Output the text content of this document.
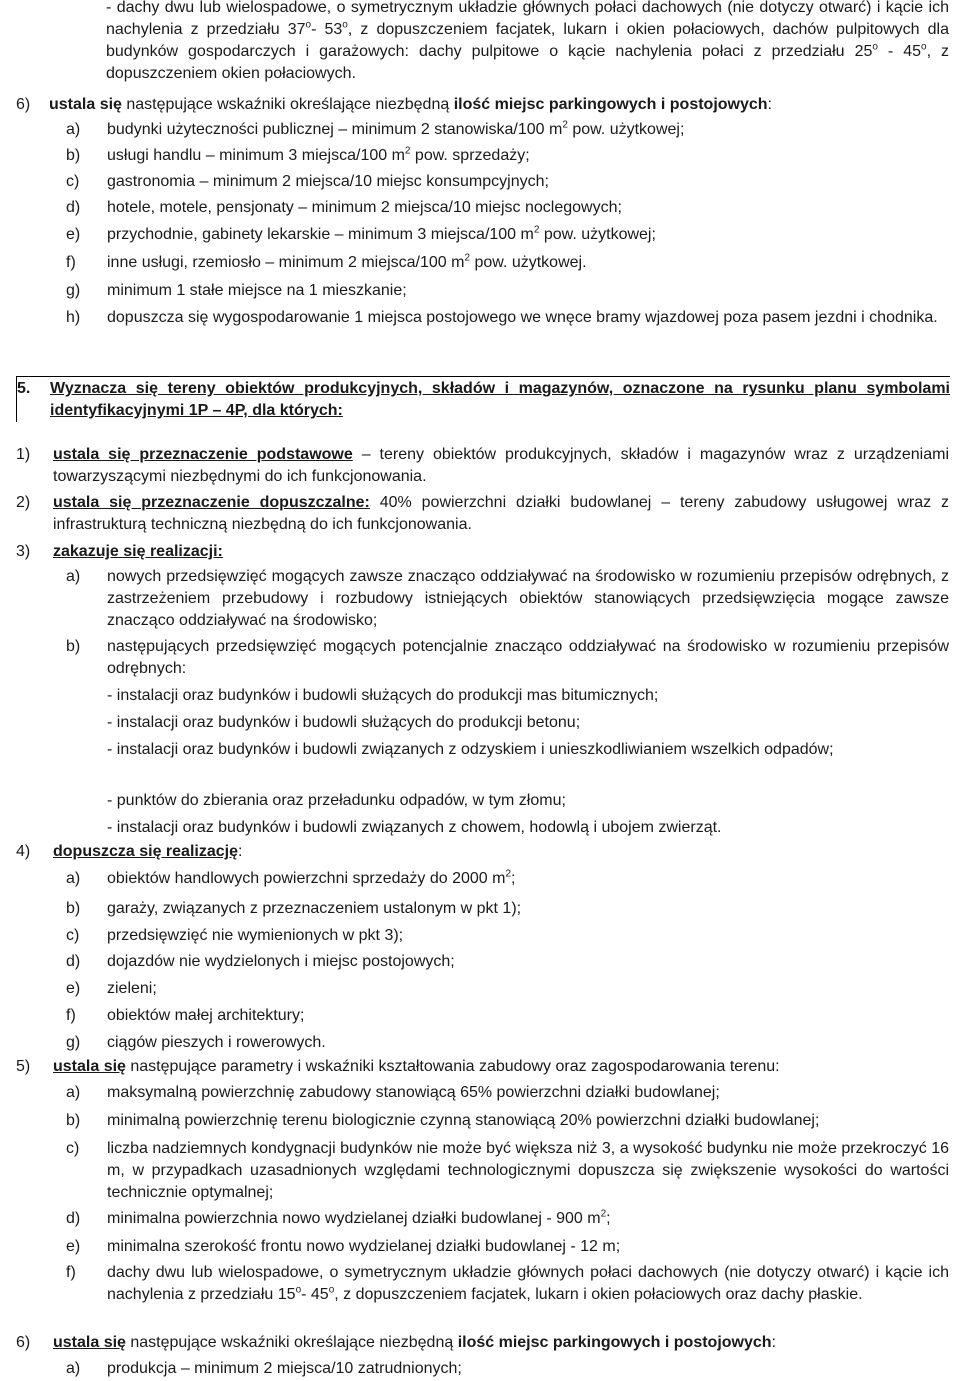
- dachy dwu lub wielospadowe, o symetrycznym układzie głównych połaci dachowych (nie dotyczy otwarć) i kącie ich nachylenia z przedziału 37$^o$- 53$^o$, z dopuszczeniem facjatek, lukarn i okien połaciowych, dachów pulpitowych dla budynków gospodarczych i garażowych: dachy pulpitowe o kącie nachylenia połaci z przedziału 25$^o$ - 45$^o$, z dopuszczeniem okien połaciowych.

6)	ustala się następujące wskaźniki określające niezbędną ilość miejsc parkingowych i postojowych:

a)	budynki użyteczności publicznej – minimum 2 stanowiska/100 $m^2$ pow. użytkowej;

b)	usługi handlu – minimum 3 miejsca/100 $m^2$ pow. sprzedaży;

c)	gastronomia – minimum 2 miejsca/10 miejsc konsumpcyjnych;

d)	hotele, motele, pensjonaty – minimum 2 miejsca/10 miejsc noclegowych;

e)	przychodnie, gabinety lekarskie – minimum 3 miejsca/100 $m^2$ pow. użytkowej;

f)	inne usługi, rzemiosło – minimum 2 miejsca/100 $m^2$ pow. użytkowej.

g)	minimum 1 stałe miejsce na 1 mieszkanie;

h)	dopuszcza się wygospodarowanie 1 miejsca postojowego we wnęce bramy wjazdowej poza pasem jezdni i chodnika.

5.	Wyznacza się tereny obiektów produkcyjnych, składów i magazynów, oznaczone na rysunku planu symbolami identyfikacyjnymi 1P – 4P, dla których:

1)	ustala się przeznaczenie podstawowe – tereny obiektów produkcyjnych, składów i magazynów wraz z urządzeniami towarzyszącymi niezbędnymi do ich funkcjonowania.

2)	ustala się przeznaczenie dopuszczalne: 40% powierzchni działki budowlanej – tereny zabudowy usługowej wraz z infrastrukturą techniczną niezbędną do ich funkcjonowania.

3)	zakazuje się realizacji:

a)	nowych przedsięwzięć mogących zawsze znacząco oddziaływać na środowisko w rozumieniu przepisów odrębnych, z zastrzeżeniem przebudowy i rozbudowy istniejących obiektów stanowiących przedsięwzięcia mogące zawsze znacząco oddziaływać na środowisko;

b)	następujących przedsięwzięć mogących potencjalnie znacząco oddziaływać na środowisko w rozumieniu przepisów odrębnych:

- instalacji oraz budynków i budowli służących do produkcji mas bitumicznych;

- instalacji oraz budynków i budowli służących do produkcji betonu;

- instalacji oraz budynków i budowli związanych z odzyskiem i unieszkodliwianiem wszelkich odpadów;

- punktów do zbierania oraz przeładunku odpadów, w tym złomu;

- instalacji oraz budynków i budowli związanych z chowem, hodowlą i ubojem zwierząt.

4)	dopuszcza się realizację:

a)	obiektów handlowych powierzchni sprzedaży do 2000 $m^2$;

b)	garaży, związanych z przeznaczeniem ustalonym w pkt 1);

c)	przedsięwzięć nie wymienionych w pkt 3);

d)	dojazdów nie wydzielonych i miejsc postojowych;

e)	zieleni;

f)	obiektów małej architektury;

g)	ciągów pieszych i rowerowych.

5)	ustala się następujące parametry i wskaźniki kształtowania zabudowy oraz zagospodarowania terenu:

a)	maksymalną powierzchnię zabudowy stanowiącą 65% powierzchni działki budowlanej;

b)	minimalną powierzchnię terenu biologicznie czynną stanowiącą 20% powierzchni działki budowlanej;

c)	liczba nadziemnych kondygnacji budynków nie może być większa niż 3, a wysokość budynku nie może przekroczyć 16 m, w przypadkach uzasadnionych względami technologicznymi dopuszcza się zwiększenie wysokości do wartości technicznie optymalnej;

d)	minimalna powierzchnia nowo wydzielanej działki budowlanej - 900 $m^2$;

e)	minimalna szerokość frontu nowo wydzielanej działki budowlanej - 12 m;

f)	dachy dwu lub wielospadowe, o symetrycznym układzie głównych połaci dachowych (nie dotyczy otwarć) i kącie ich nachylenia z przedziału 15$^o$- 45$^o$, z dopuszczeniem facjatek, lukarn i okien połaciowych oraz dachy płaskie.

6)	ustala się następujące wskaźniki określające niezbędną ilość miejsc parkingowych i postojowych:

a)	produkcja – minimum 2 miejsca/10 zatrudnionych;
